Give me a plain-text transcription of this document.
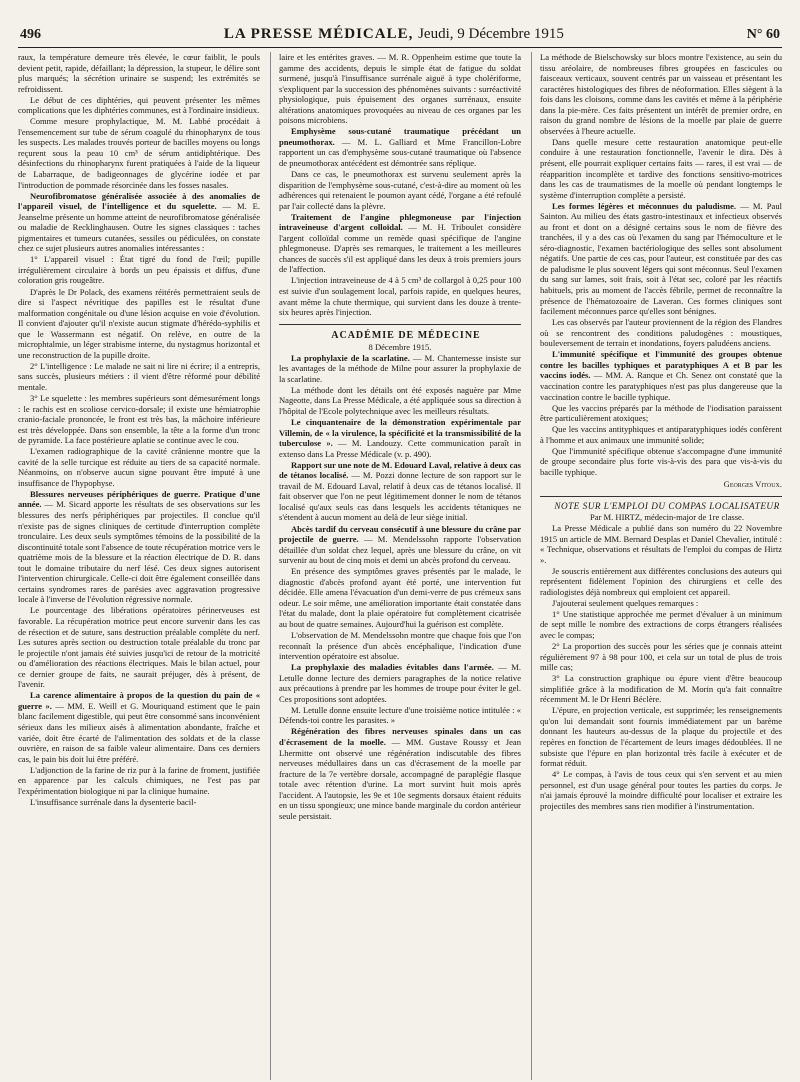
496	LA PRESSE MÉDICALE, Jeudi, 9 Décembre 1915	N° 60

raux, la température demeure très élevée, le cœur faiblit, le pouls devient petit, rapide, défaillant; la dépression, la stupeur, le délire sont plus marqués; la sécrétion urinaire se suspend; les extrémités se refroidissent.

Le début de ces diphtéries, qui peuvent présenter les mêmes complications que les diphtéries communes, est à l'ordinaire insidieux.

Comme mesure prophylactique, M. M. Labbé procédait à l'ensemencement sur tube de sérum coagulé du rhinopharynx de tous les suspects. Les malades trouvés porteur de bacilles moyens ou longs reçurent sous la peau 10 cm³ de sérum antidiphtérique. Des désinfections du rhinopharynx furent pratiquées à l'aide de la liqueur de Labarraque, de badigeonnages de glycérine iodée et par l'introduction de pommade résorcinée dans les fosses nasales.

Neurofibromatose généralisée associée à des anomalies de l'appareil visuel, de l'intelligence et du squelette. — M. E. Jeanselme présente un homme atteint de neurofibromatose généralisée ou maladie de Recklinghausen. Outre les signes classiques : taches pigmentaires et tumeurs cutanées, sessiles ou pédiculées, on constate chez ce sujet plusieurs autres anomalies intéressantes :

1° L'appareil visuel : État tigré du fond de l'œil; pupille irrégulièrement circulaire à bords un peu épaissis et diffus, d'une coloration gris rougeâtre.

D'après le Dr Polack, des examens réitérés permettraient seuls de dire si l'aspect névritique des papilles est le résultat d'une malformation congénitale ou d'une lésion acquise en voie d'évolution. Il convient d'ajouter qu'il n'existe aucun stigmate d'hérédo-syphilis et que le Wassermann est négatif. On relève, en outre de la microphtalmie, un léger strabisme interne, du nystagmus horizontal et une reconstruction de la pupille droite.

2° L'intelligence : Le malade ne sait ni lire ni écrire; il a entrepris, sans succès, plusieurs métiers : il vient d'être réformé pour débilité mentale.

3° Le squelette : les membres supérieurs sont démesurément longs : le rachis est en scoliose cervico-dorsale; il existe une hémiatrophie cranio-faciale prononcée, le front est très bas, la mâchoire inférieure est très développée. Dans son ensemble, la tête a la forme d'un tronc de pyramide. La face postérieure aplatie se continue avec le cou.

L'examen radiographique de la cavité crânienne montre que la cavité de la selle turcique est réduite au tiers de sa capacité normale. Néanmoins, on n'observe aucun signe pouvant être imputé à une insuffisance de l'hypophyse.

Blessures nerveuses périphériques de guerre. Pratique d'une année. — M. Sicard apporte les résultats de ses observations sur les blessures des nerfs périphériques par projectiles. Il conclue qu'il n'existe pas de signes cliniques de certitude d'interruption complète tronculaire. Les deux seuls symptômes témoins de la possibilité de la discontinuité totale sont l'absence de toute récupération motrice vers le quatrième mois de la blessure et la réaction électrique de D. R. dans tout le domaine tributaire du nerf lésé. Ces deux signes autorisent l'intervention chirurgicale. Celle-ci doit être également conseillée dans certains syndromes rares de parésies avec aggravation progressive locale à l'inverse de l'évolution régressive normale.

Le pourcentage des libérations opératoires périnerveuses est favorable. La récupération motrice peut encore survenir dans les cas de résection et de suture, sans destruction préalable complète du nerf. Les sutures après section ou destruction totale préalable du tronc par le projectile n'ont jamais été suivies jusqu'ici de retour de la motricité ou d'amélioration des réactions électriques. Mais le bilan actuel, pour ce dernier groupe de faits, ne saurait préjuger, dès à présent, de l'avenir.

La carence alimentaire à propos de la question du pain de « guerre ». — MM. E. Weill et G. Mouriquand estiment que le pain blanc facilement digestible, qui peut être consommé sans inconvénient sérieux dans les milieux aisés à alimentation abondante, fraîche et variée, doit être écarté de l'alimentation des soldats et de la classe ouvrière, en raison de sa faible valeur alimentaire. Dans ces derniers cas, le pain bis doit lui être préféré.

L'adjonction de la farine de riz pur à la farine de froment, justifiée en apparence par les calculs chimiques, ne l'est pas par l'expérimentation biologique ni par la clinique humaine.

L'insuffisance surrénale dans la dysenterie bacil-

laire et les entérites graves. — M. R. Oppenheim estime que toute la gamme des accidents, depuis le simple état de fatigue du soldat surmené, jusqu'à l'insuffisance surrénale aiguë à type cholériforme, s'expliquent par la succession des phénomènes suivants : surréactivité physiologique, puis épuisement des organes surrénaux, ensuite altérations anatomiques provoquées au niveau de ces organes par les poisons microbiens.

Emphysème sous-cutané traumatique précédant un pneumothorax. — M. L. Galliard et Mme Francillon-Lobre rapportent un cas d'emphysème sous-cutané traumatique où l'absence de pneumothorax antécédent est démontrée sans réplique.

Dans ce cas, le pneumothorax est survenu seulement après la disparition de l'emphysème sous-cutané, c'est-à-dire au moment où les adhérences qui retenaient le poumon ayant cédé, l'organe a été refoulé par l'air collecté dans la plèvre.

Traitement de l'angine phlegmoneuse par l'injection intraveineuse d'argent colloïdal. — M. H. Triboulet considère l'argent colloïdal comme un remède quasi spécifique de l'angine phlegmoneuse. D'après ses remarques, le traitement a les meilleures chances de succès s'il est appliqué dans les deux à trois premiers jours de l'affection.

L'injection intraveineuse de 4 à 5 cm³ de collargol à 0,25 pour 100 est suivie d'un soulagement local, parfois rapide, en quelques heures, avant même la chute thermique, qui survient dans les douze à trente-six heures après l'injection.

ACADÉMIE DE MÉDECINE

8 Décembre 1915.

La prophylaxie de la scarlatine. — M. Chantemesse insiste sur les avantages de la méthode de Milne pour assurer la prophylaxie de la scarlatine.

La méthode dont les détails ont été exposés naguère par Mme Nageotte, dans La Presse Médicale, a été appliquée sous sa direction à l'hôpital de l'Ecole polytechnique avec les meilleurs résultats.

Le cinquantenaire de la démonstration expérimentale par Villemin, de « la virulence, la spécificité et la transmissibilité de la tuberculose ». — M. Landouzy. Cette communication paraît in extenso dans La Presse Médicale (v. p. 490).

Rapport sur une note de M. Edouard Laval, relative à deux cas de tétanos localisé. — M. Pozzi donne lecture de son rapport sur le travail de M. Edouard Laval, relatif à deux cas de tétanos localisé. Il fait observer que l'on ne peut légitimement donner le nom de tétanos localisé qu'aux seuls cas dans lesquels les accidents tétaniques ne s'étendent à aucun moment au delà de leur siège initial.

Abcès tardif du cerveau consécutif à une blessure du crâne par projectile de guerre. — M. Mendelssohn rapporte l'observation détaillée d'un soldat chez lequel, après une blessure du crâne, on vit survenir au bout de cinq mois et demi un abcès profond du cerveau.

En présence des symptômes graves présentés par le malade, le diagnostic d'abcès profond ayant été porté, une intervention fut décidée. Elle amena l'évacuation d'un demi-verre de pus crémeux sans odeur. Le soir même, une amélioration importante était constatée dans l'état du malade, dont la plaie opératoire fut complètement cicatrisée au bout de quatre semaines. Aujourd'hui la guérison est complète.

L'observation de M. Mendelssohn montre que chaque fois que l'on reconnaît la présence d'un abcès encéphalique, l'indication d'une intervention opératoire est absolue.

La prophylaxie des maladies évitables dans l'armée. — M. Letulle donne lecture des derniers paragraphes de la notice relative aux précautions à prendre par les hommes de troupe pour éviter le gel. Ces propositions sont adoptées.

M. Letulle donne ensuite lecture d'une troisième notice intitulée : « Défends-toi contre les parasites. »

Régénération des fibres nerveuses spinales dans un cas d'écrasement de la moelle. — MM. Gustave Roussy et Jean Lhermitte ont observé une régénération indiscutable des fibres nerveuses médullaires dans un cas d'écrasement de la moelle par fracture de la 7e vertèbre dorsale, accompagné de paraplégie flasque totale avec rétention d'urine. La mort survint huit mois après l'accident. A l'autopsie, les 9e et 10e segments dorsaux étaient réduits en un tissu spongieux; une mince bande marginale du cordon antérieur seule persistait.

La méthode de Bielschowsky sur blocs montre l'existence, au sein du tissu aréolaire, de nombreuses fibres groupées en fascicules ou faisceaux verticaux, souvent centrés par un vaisseau et présentant les caractères histologiques des fibres de néoformation. Elles siègent à la fois dans les cloisons, comme dans les cavités et même à la périphérie dans la pie-mère. Ces faits présentent un intérêt de premier ordre, en raison du grand nombre de lésions de la moelle par plaie de guerre observées à l'heure actuelle.

Dans quelle mesure cette restauration anatomique peut-elle conduire à une restauration fonctionnelle, l'avenir le dira. Dès à présent, elle pourrait expliquer certains faits — rares, il est vrai — de réapparition incomplète et tardive des fonctions sensitivo-motrices dans les cas de traumatismes de la moelle où pendant longtemps le système d'interruption complète a persisté.

Les formes légères et méconnues du paludisme. — M. Paul Sainton. Au milieu des états gastro-intestinaux et infectieux observés au front et dont on a désigné certains sous le nom de fièvre des tranchées, il y a des cas où l'examen du sang par l'hémoculture et le séro-diagnostic, l'examen bactériologique des selles sont absolument négatifs. Une partie de ces cas, pour l'auteur, est constituée par des cas de paludisme le plus souvent légers qui sont méconnus. Seul l'examen du sang sur lames, soit frais, soit à l'état sec, coloré par les réactifs habituels, pris au moment de l'accès fébrile, permet de reconnaître la présence de l'hématozoaire de Laveran. Ces formes cliniques sont facilement méconnues parce qu'elles sont bénignes.

Les cas observés par l'auteur proviennent de la région des Flandres où se rencontrent des conditions paludogènes : moustiques, bouleversement de terrain et inondations, foyers paludéens anciens.

L'immunité spécifique et l'immunité des groupes obtenue contre les bacilles typhiques et paratyphiques A et B par les vaccins iodés. — MM. A. Ranque et Ch. Senez ont constaté que la vaccination contre les paratyphiques n'est pas plus dangereuse que la vaccination contre le bacille typhique.

Que les vaccins préparés par la méthode de l'iodisation paraissent être particulièrement atoxiques;

Que les vaccins antityphiques et antiparatyphiques iodés confèrent à l'homme et aux animaux une immunité solide;

Que l'immunité spécifique obtenue s'accompagne d'une immunité de groupe secondaire plus forte vis-à-vis des para que vis-à-vis du bacille typhique.

Georges Vitoux.

NOTE SUR L'EMPLOI DU COMPAS LOCALISATEUR

Par M. HIRTZ, médecin-major de 1re classe.

La Presse Médicale a publié dans son numéro du 22 Novembre 1915 un article de MM. Bernard Desplas et Daniel Chevalier, intitulé : « Technique, observations et résultats de l'emploi du compas de Hirtz ».

Je souscris entièrement aux différentes conclusions des auteurs qui représentent fidèlement l'opinion des chirurgiens et celle des radiologistes déjà nombreux qui emploient cet appareil.

J'ajouterai seulement quelques remarques :

1° Une statistique approchée me permet d'évaluer à un minimum de sept mille le nombre des extractions de corps étrangers réalisées avec le compas;

2° La proportion des succès pour les séries que je connais atteint régulièrement 97 à 98 pour 100, et cela sur un total de plus de trois mille cas;

3° La construction graphique ou épure vient d'être beaucoup simplifiée grâce à la modification de M. Morin qu'a fait connaître récemment M. le Dr Henri Béclère.

L'épure, en projection verticale, est supprimée; les renseignements qu'on lui demandait sont fournis immédiatement par un barème donnant les hauteurs au-dessus de la plaque du projectile et des repères en fonction de l'écartement de leurs images dédoublées. Il ne subsiste que l'épure en plan horizontal très facile à exécuter et de format réduit.

4° Le compas, à l'avis de tous ceux qui s'en servent et au mien personnel, est d'un usage général pour toutes les parties du corps. Je n'ai jamais éprouvé la moindre difficulté pour localiser et extraire les projectiles des membres sans rien modifier à l'instrumentation.
